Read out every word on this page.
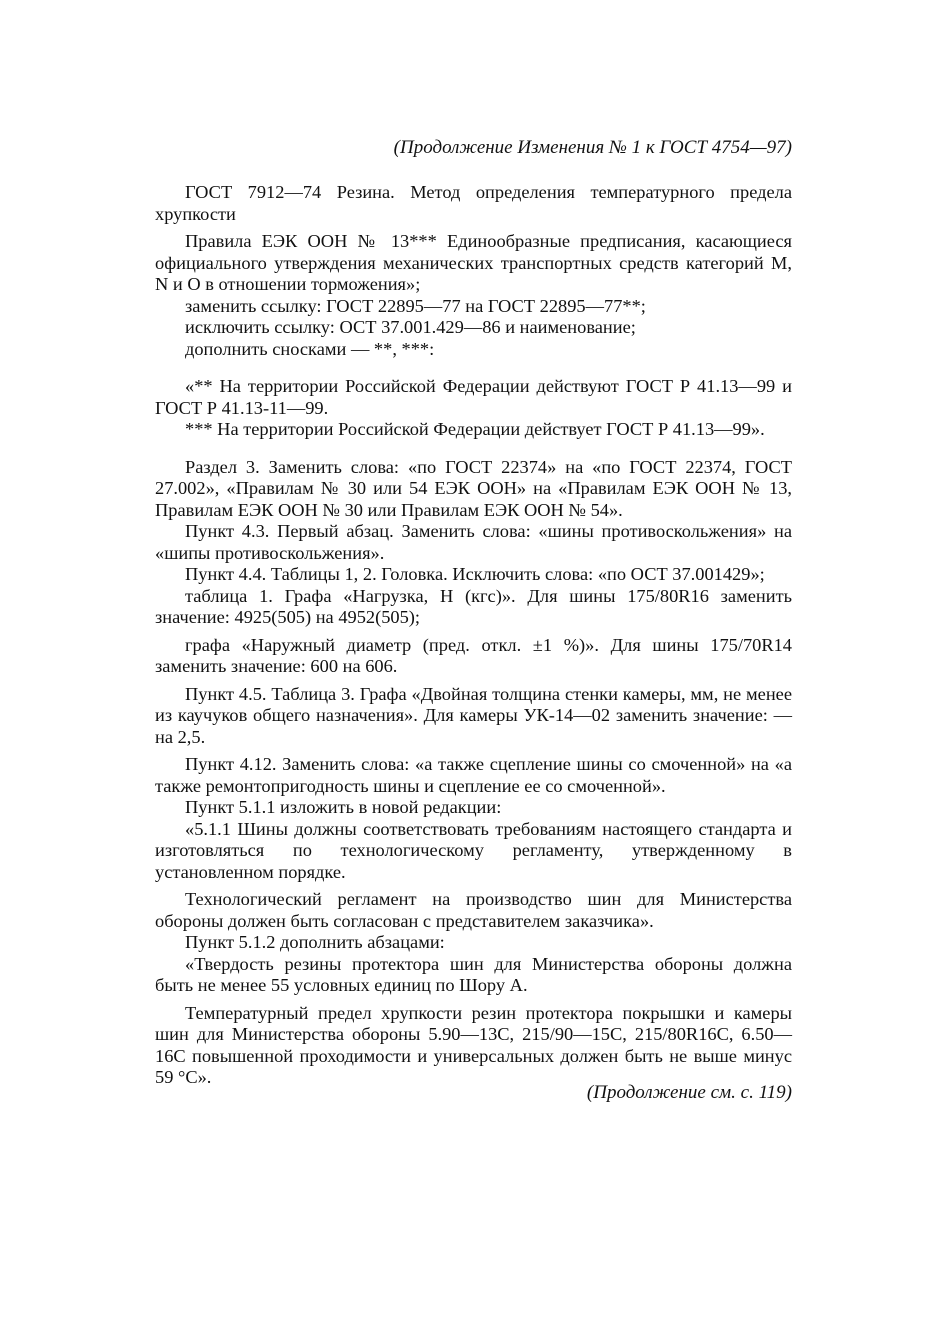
(Продолжение Изменения № 1 к ГОСТ 4754—97)

ГОСТ 7912—74 Резина. Метод определения температурного предела хрупкости

Правила ЕЭК ООН № 13*** Единообразные предписания, касающиеся официального утверждения механических транспортных средств категорий М, N и О в отношении торможения»;

заменить ссылку: ГОСТ 22895—77 на ГОСТ 22895—77**;

исключить ссылку: ОСТ 37.001.429—86 и наименование;

дополнить сносками — **, ***:

«** На территории Российской Федерации действуют ГОСТ Р 41.13—99 и ГОСТ Р 41.13-11—99.

*** На территории Российской Федерации действует ГОСТ Р 41.13—99».

Раздел 3. Заменить слова: «по ГОСТ 22374» на «по ГОСТ 22374, ГОСТ 27.002», «Правилам № 30 или 54 ЕЭК ООН» на «Правилам ЕЭК ООН № 13, Правилам ЕЭК ООН № 30 или Правилам ЕЭК ООН № 54».

Пункт 4.3. Первый абзац. Заменить слова: «шины противоскольжения» на «шипы противоскольжения».

Пункт 4.4. Таблицы 1, 2. Головка. Исключить слова: «по ОСТ 37.001429»;

таблица 1. Графа «Нагрузка, Н (кгс)». Для шины 175/80R16 заменить значение: 4925(505) на 4952(505);

графа «Наружный диаметр (пред. откл. ±1 %)». Для шины 175/70R14 заменить значение: 600 на 606.

Пункт 4.5. Таблица 3. Графа «Двойная толщина стенки камеры, мм, не менее из каучуков общего назначения». Для камеры УК-14—02 заменить значение: — на 2,5.

Пункт 4.12. Заменить слова: «а также сцепление шины со смоченной» на «а также ремонтопригодность шины и сцепление ее со смоченной».

Пункт 5.1.1 изложить в новой редакции:

«5.1.1 Шины должны соответствовать требованиям настоящего стандарта и изготовляться по технологическому регламенту, утвержденному в установленном порядке.

Технологический регламент на производство шин для Министерства обороны должен быть согласован с представителем заказчика».

Пункт 5.1.2 дополнить абзацами:

«Твердость резины протектора шин для Министерства обороны должна быть не менее 55 условных единиц по Шору А.

Температурный предел хрупкости резин протектора покрышки и камеры шин для Министерства обороны 5.90—13С, 215/90—15С, 215/80R16С, 6.50—16С повышенной проходимости и универсальных должен быть не выше минус 59 °С».

(Продолжение см. с. 119)
